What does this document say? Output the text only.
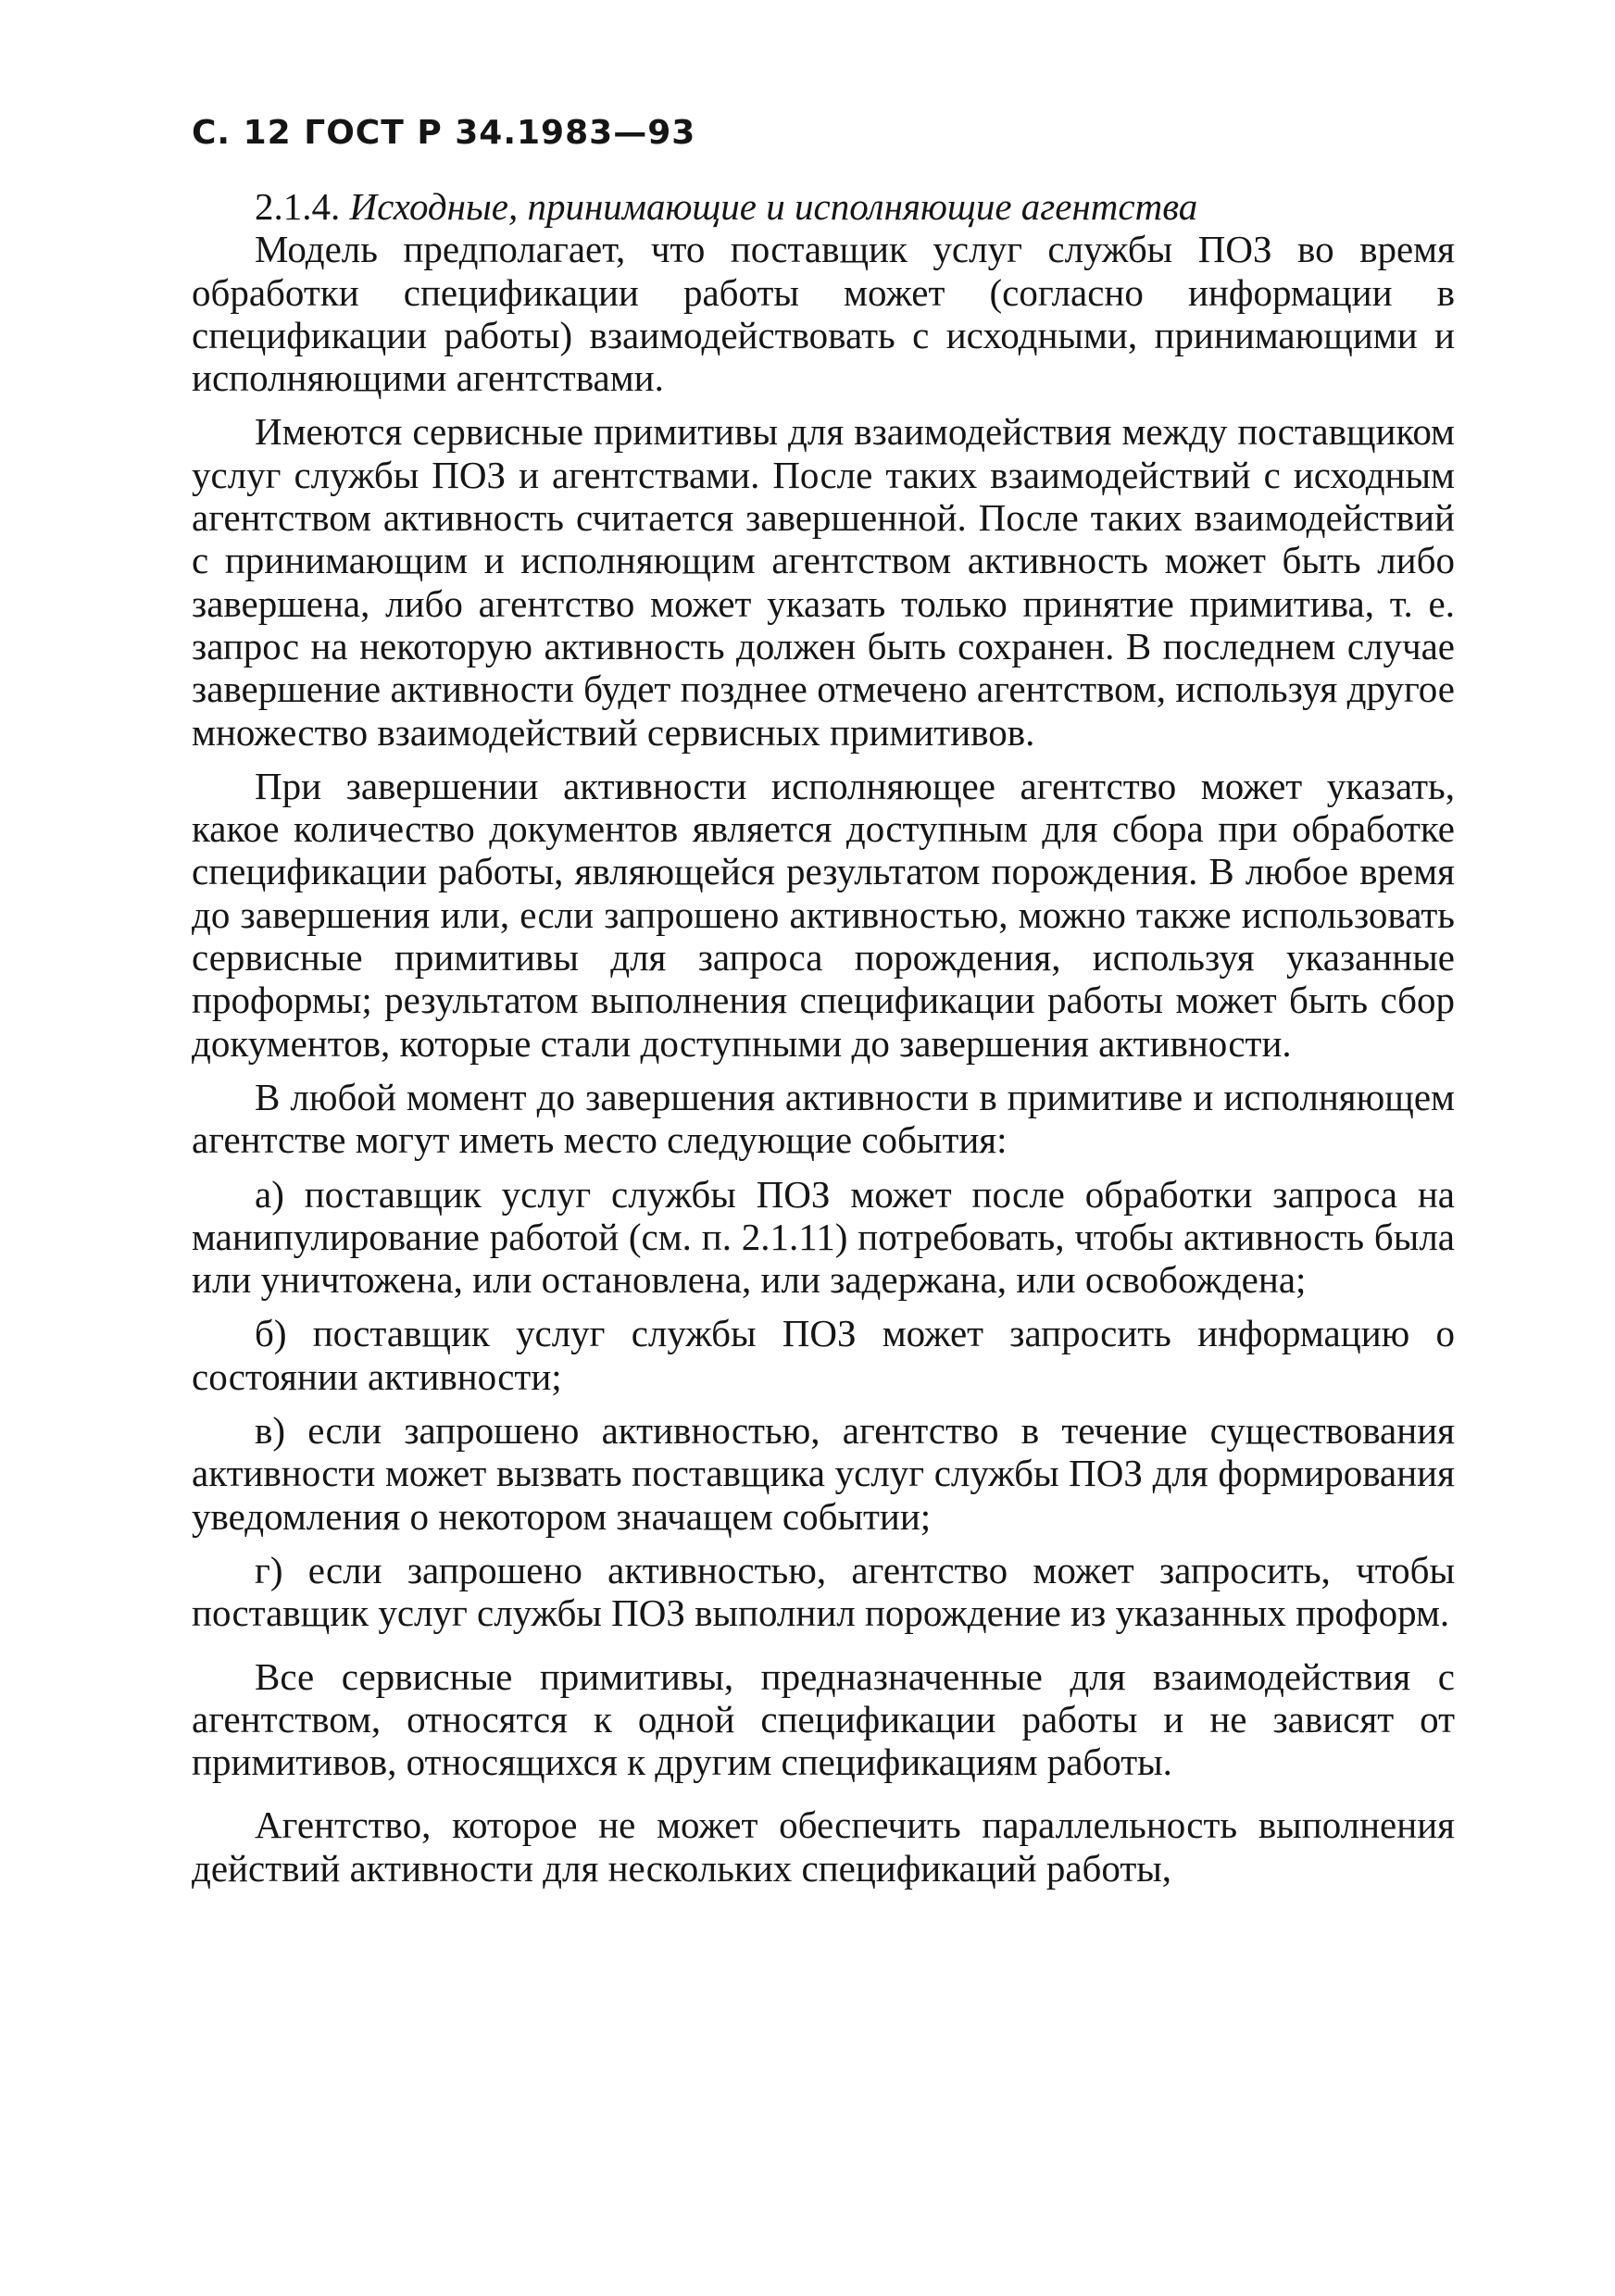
С. 12 ГОСТ Р 34.1983—93

2.1.4. Исходные, принимающие и исполняющие агентства

Модель предполагает, что поставщик услуг службы ПОЗ во время обработки спецификации работы может (согласно информации в спецификации работы) взаимодействовать с исходными, принимающими и исполняющими агентствами.

Имеются сервисные примитивы для взаимодействия между поставщиком услуг службы ПОЗ и агентствами. После таких взаимодействий с исходным агентством активность считается завершенной. После таких взаимодействий с принимающим и исполняющим агентством активность может быть либо завершена, либо агентство может указать только принятие примитива, т. е. запрос на некоторую активность должен быть сохранен. В последнем случае завершение активности будет позднее отмечено агентством, используя другое множество взаимодействий сервисных примитивов.

При завершении активности исполняющее агентство может указать, какое количество документов является доступным для сбора при обработке спецификации работы, являющейся результатом порождения. В любое время до завершения или, если запрошено активностью, можно также использовать сервисные примитивы для запроса порождения, используя указанные проформы; результатом выполнения спецификации работы может быть сбор документов, которые стали доступными до завершения активности.

В любой момент до завершения активности в примитиве и исполняющем агентстве могут иметь место следующие события:

а) поставщик услуг службы ПОЗ может после обработки запроса на манипулирование работой (см. п. 2.1.11) потребовать, чтобы активность была или уничтожена, или остановлена, или задержана, или освобождена;

б) поставщик услуг службы ПОЗ может запросить информацию о состоянии активности;

в) если запрошено активностью, агентство в течение существования активности может вызвать поставщика услуг службы ПОЗ для формирования уведомления о некотором значащем событии;

г) если запрошено активностью, агентство может запросить, чтобы поставщик услуг службы ПОЗ выполнил порождение из указанных проформ.

Все сервисные примитивы, предназначенные для взаимодействия с агентством, относятся к одной спецификации работы и не зависят от примитивов, относящихся к другим спецификациям работы.

Агентство, которое не может обеспечить параллельность выполнения действий активности для нескольких спецификаций работы,
